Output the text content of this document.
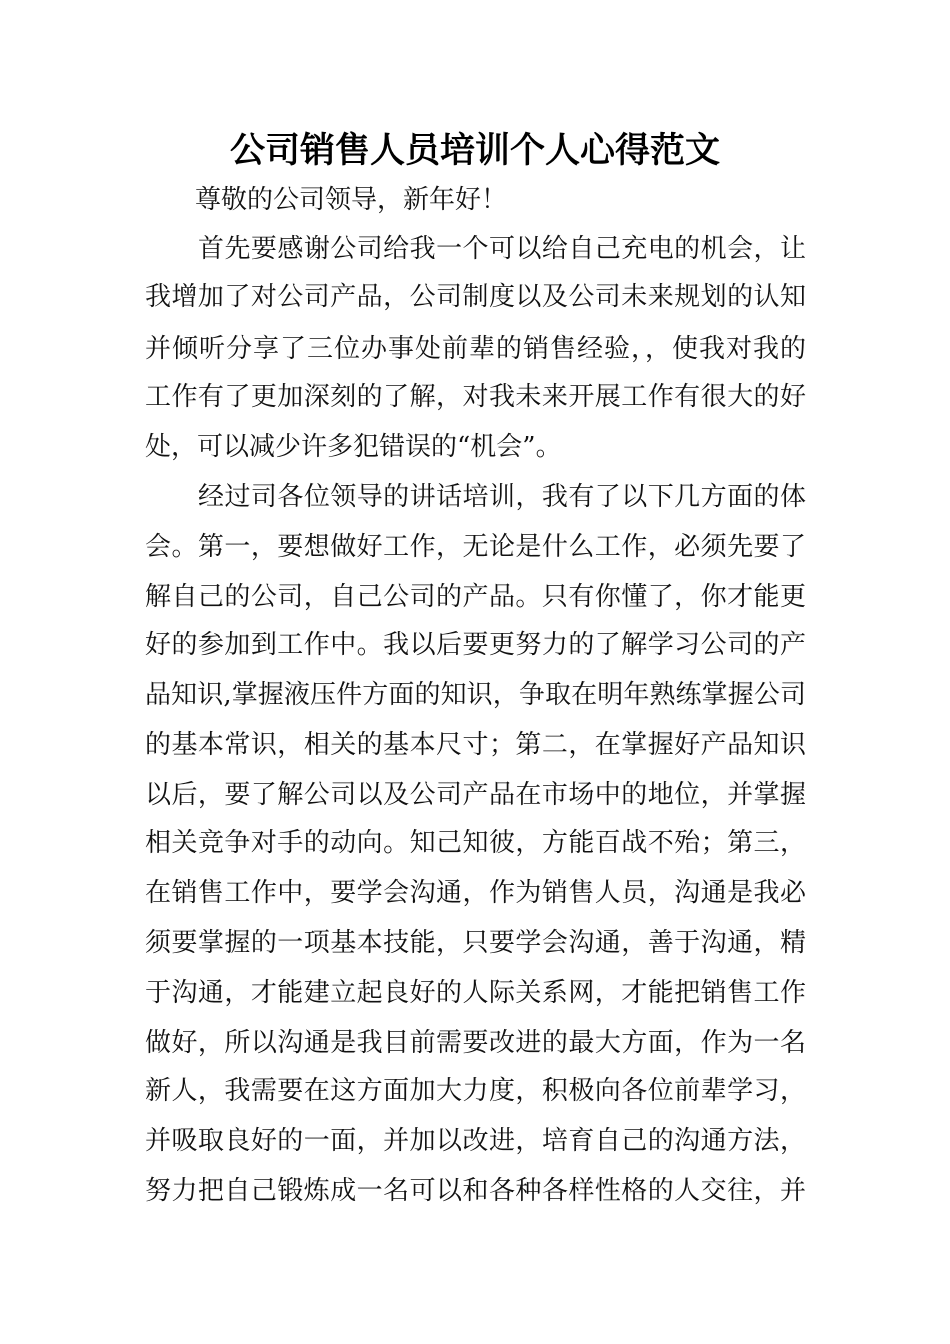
公司销售人员培训个人心得范文
尊敬的公司领导，新年好！
首先要感谢公司给我一个可以给自己充电的机会，让
我增加了对公司产品，公司制度以及公司未来规划的认知
并倾听分享了三位办事处前辈的销售经验，，使我对我的
工作有了更加深刻的了解，对我未来开展工作有很大的好
处，可以减少许多犯错误的“机会”。
经过司各位领导的讲话培训，我有了以下几方面的体
会。第一，要想做好工作，无论是什么工作，必须先要了
解自己的公司，自己公司的产品。只有你懂了，你才能更
好的参加到工作中。我以后要更努力的了解学习公司的产
品知识,掌握液压件方面的知识，争取在明年熟练掌握公司
的基本常识，相关的基本尺寸；第二，在掌握好产品知识
以后，要了解公司以及公司产品在市场中的地位，并掌握
相关竞争对手的动向。知己知彼，方能百战不殆；第三，
在销售工作中，要学会沟通，作为销售人员，沟通是我必
须要掌握的一项基本技能，只要学会沟通，善于沟通，精
于沟通，才能建立起良好的人际关系网，才能把销售工作
做好，所以沟通是我目前需要改进的最大方面，作为一名
新人，我需要在这方面加大力度，积极向各位前辈学习，
并吸取良好的一面，并加以改进，培育自己的沟通方法，
努力把自己锻炼成一名可以和各种各样性格的人交往，并
